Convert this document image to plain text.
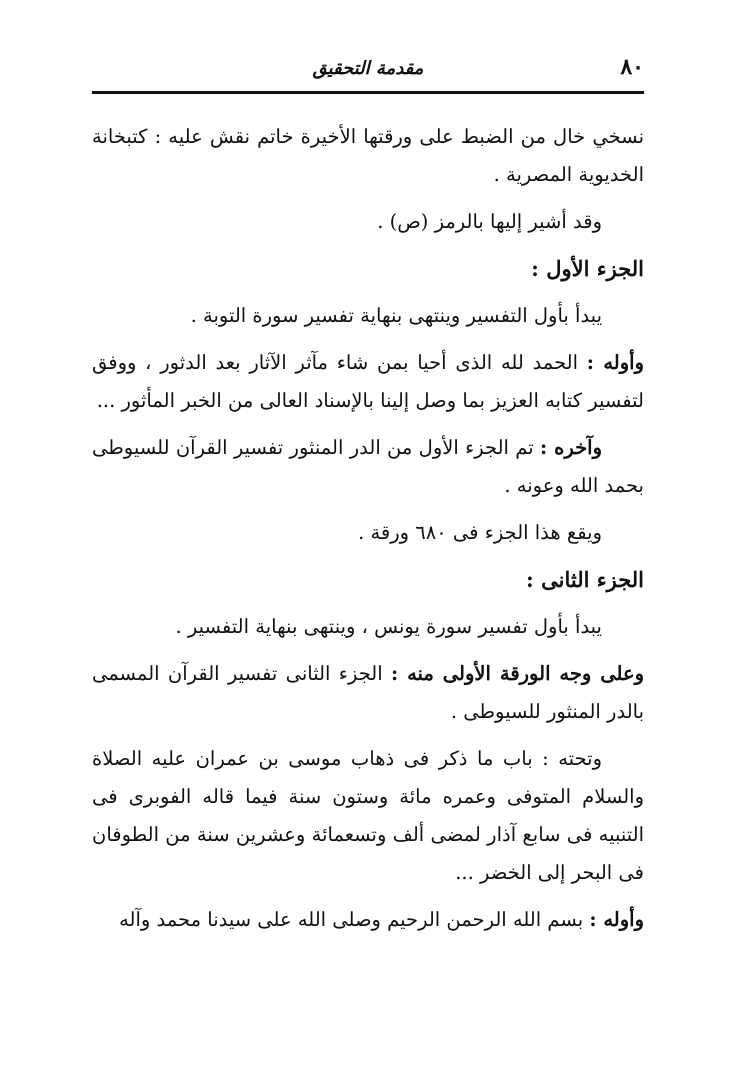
٨٠
مقدمة التحقيق

نسخي خال من الضبط على ورقتها الأخيرة خاتم نقش عليه : كتبخانة الخديوية المصرية .

وقد أشير إليها بالرمز (ص) .

الجزء الأول :

يبدأ بأول التفسير وينتهى بنهاية تفسير سورة التوبة .

وأوله : الحمد لله الذى أحيا بمن شاء مآثر الآثار بعد الدثور ، ووفق لتفسير كتابه العزيز بما وصل إلينا بالإسناد العالى من الخبر المأثور ...

وآخره : تم الجزء الأول من الدر المنثور تفسير القرآن للسيوطى بحمد الله وعونه .

ويقع هذا الجزء فى ٦٨٠ ورقة .

الجزء الثانى :

يبدأ بأول تفسير سورة يونس ، وينتهى بنهاية التفسير .

وعلى وجه الورقة الأولى منه : الجزء الثانى تفسير القرآن المسمى بالدر المنثور للسيوطى .

وتحته : باب ما ذكر فى ذهاب موسى بن عمران عليه الصلاة والسلام المتوفى وعمره مائة وستون سنة فيما قاله الفوبرى فى التنبيه فى سابع آذار لمضى ألف وتسعمائة وعشرين سنة من الطوفان فى البحر إلى الخضر ...

وأوله : بسم الله الرحمن الرحيم وصلى الله على سيدنا محمد وآله
